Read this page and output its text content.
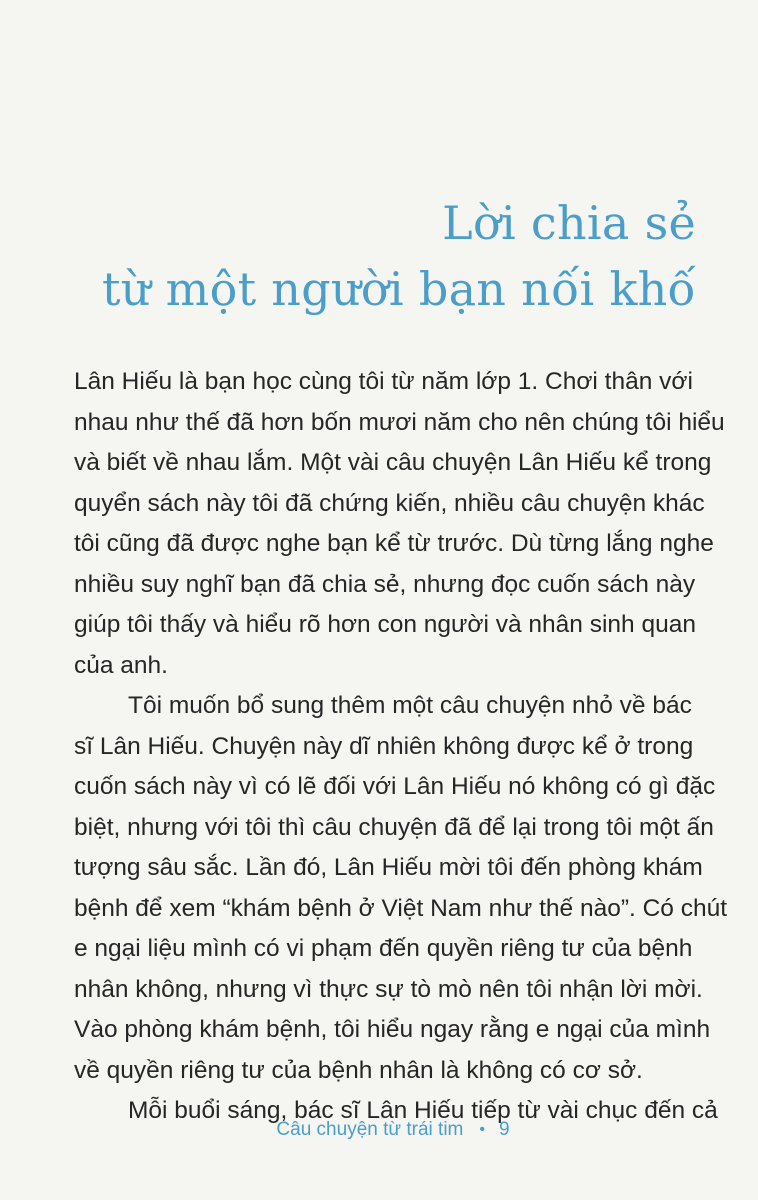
Lời chia sẻ
từ một người bạn nối khố
Lân Hiếu là bạn học cùng tôi từ năm lớp 1. Chơi thân với
nhau như thế đã hơn bốn mươi năm cho nên chúng tôi hiểu
và biết về nhau lắm. Một vài câu chuyện Lân Hiếu kể trong
quyển sách này tôi đã chứng kiến, nhiều câu chuyện khác
tôi cũng đã được nghe bạn kể từ trước. Dù từng lắng nghe
nhiều suy nghĩ bạn đã chia sẻ, nhưng đọc cuốn sách này
giúp tôi thấy và hiểu rõ hơn con người và nhân sinh quan
của anh.
Tôi muốn bổ sung thêm một câu chuyện nhỏ về bác
sĩ Lân Hiếu. Chuyện này dĩ nhiên không được kể ở trong
cuốn sách này vì có lẽ đối với Lân Hiếu nó không có gì đặc
biệt, nhưng với tôi thì câu chuyện đã để lại trong tôi một ấn
tượng sâu sắc. Lần đó, Lân Hiếu mời tôi đến phòng khám
bệnh để xem “khám bệnh ở Việt Nam như thế nào”. Có chút
e ngại liệu mình có vi phạm đến quyền riêng tư của bệnh
nhân không, nhưng vì thực sự tò mò nên tôi nhận lời mời.
Vào phòng khám bệnh, tôi hiểu ngay rằng e ngại của mình
về quyền riêng tư của bệnh nhân là không có cơ sở.
Mỗi buổi sáng, bác sĩ Lân Hiếu tiếp từ vài chục đến cả
Câu chuyện từ trái tim • 9
